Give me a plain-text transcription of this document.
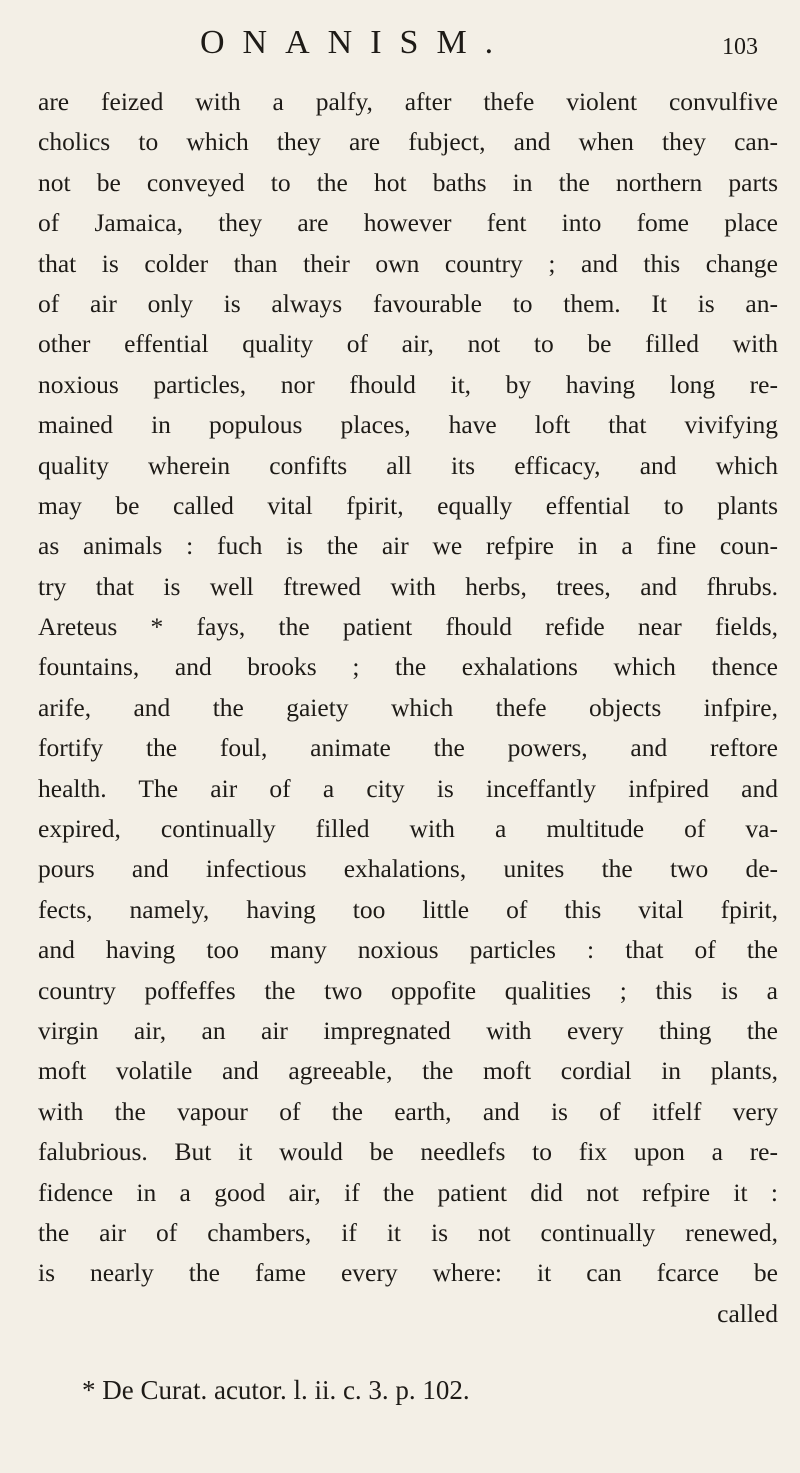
ONANISM.	103
are feized with a palfy, after thefe violent convulfive
cholics to which they are fubject, and when they can-
not be conveyed to the hot baths in the northern parts
of Jamaica, they are however fent into fome place
that is colder than their own country ; and this change
of air only is always favourable to them. It is an-
other effential quality of air, not to be filled with
noxious particles, nor fhould it, by having long re-
mained in populous places, have loft that vivifying
quality wherein confifts all its efficacy, and which
may be called vital fpirit, equally effential to plants
as animals : fuch is the air we refpire in a fine coun-
try that is well ftrewed with herbs, trees, and fhrubs.
Areteus * fays, the patient fhould refide near fields,
fountains, and brooks ; the exhalations which thence
arife, and the gaiety which thefe objects infpire,
fortify the foul, animate the powers, and reftore
health. The air of a city is inceffantly infpired and
expired, continually filled with a multitude of va-
pours and infectious exhalations, unites the two de-
fects, namely, having too little of this vital fpirit,
and having too many noxious particles : that of the
country poffeffes the two oppofite qualities ; this is a
virgin air, an air impregnated with every thing the
moft volatile and agreeable, the moft cordial in plants,
with the vapour of the earth, and is of itfelf very
falubrious. But it would be needlefs to fix upon a re-
fidence in a good air, if the patient did not refpire it :
the air of chambers, if it is not continually renewed,
is nearly the fame every where: it can fcarce be
called
* De Curat. acutor. l. ii. c. 3. p. 102.
